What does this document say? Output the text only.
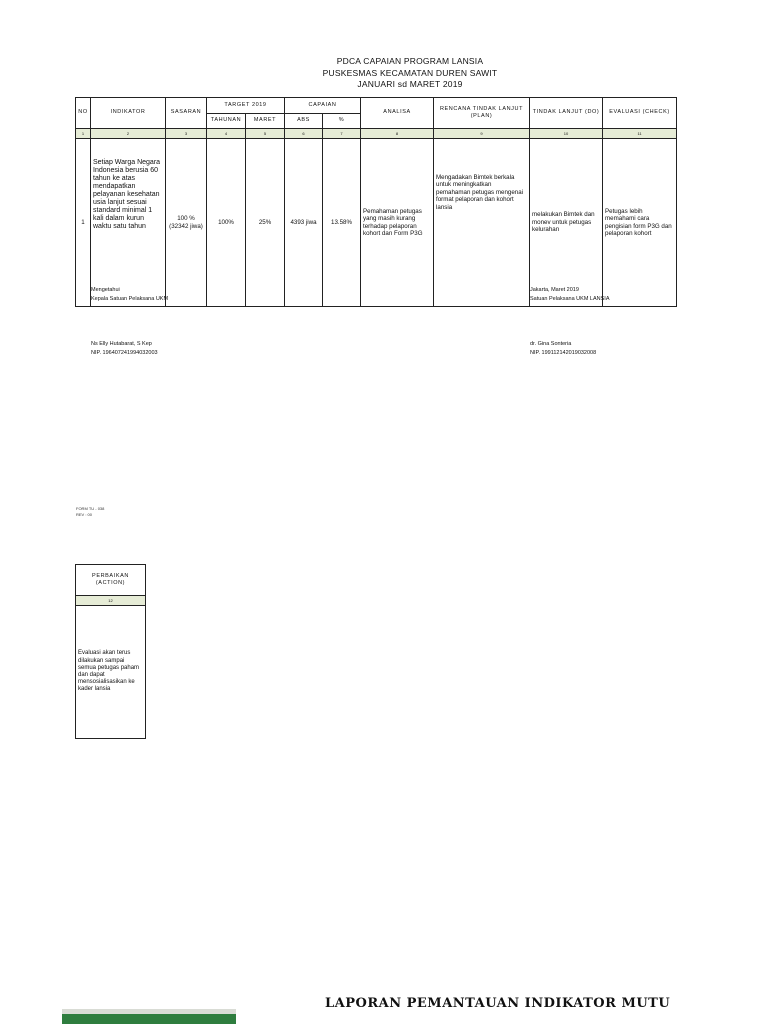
PDCA CAPAIAN PROGRAM LANSIA
PUSKESMAS KECAMATAN DUREN SAWIT
JANUARI sd MARET 2019
NO	INDIKATOR	SASARAN	TARGET 2019		CAPAIAN		ANALISA	RENCANA TINDAK LANJUT (PLAN)	TINDAK LANJUT (DO)	EVALUASI (CHECK)
			TAHUNAN	MARET	ABS	%				
1	2	3	4	5	6	7	8	9	10	11
1	Setiap Warga Negara Indonesia berusia 60 tahun ke atas mendapatkan pelayanan kesehatan usia lanjut sesuai standard minimal 1 kali dalam kurun waktu satu tahun	100 % (32342 jiwa)	100%	25%	4393 jiwa	13.58%	Pemahaman petugas yang masih kurang terhadap pelaporan kohort dan Form P3G	Mengadakan Bimtek berkala untuk meningkatkan pemahaman petugas mengenai format pelaporan dan kohort lansia	melakukan Bimtek dan monev untuk petugas kelurahan	Petugas lebih memahami cara pengisian form P3G dan pelaporan kohort
Mengetahui
Kepala Satuan Pelaksana UKM
Ns Elly Hutabarat, S Kep
NIP. 196407241994032003
Jakarta, Maret 2019
Satuan Pelaksana UKM LANSIA
dr. Gina Sonteria
NIP. 199112142019032008
FORM TU - 038
REV : 00
PERBAIKAN (ACTION)
12
Evaluasi akan terus dilakukan sampai semua petugas paham dan dapat mensosialisasikan ke kader lansia
LAPORAN PEMANTAUAN INDIKATOR MUTU
